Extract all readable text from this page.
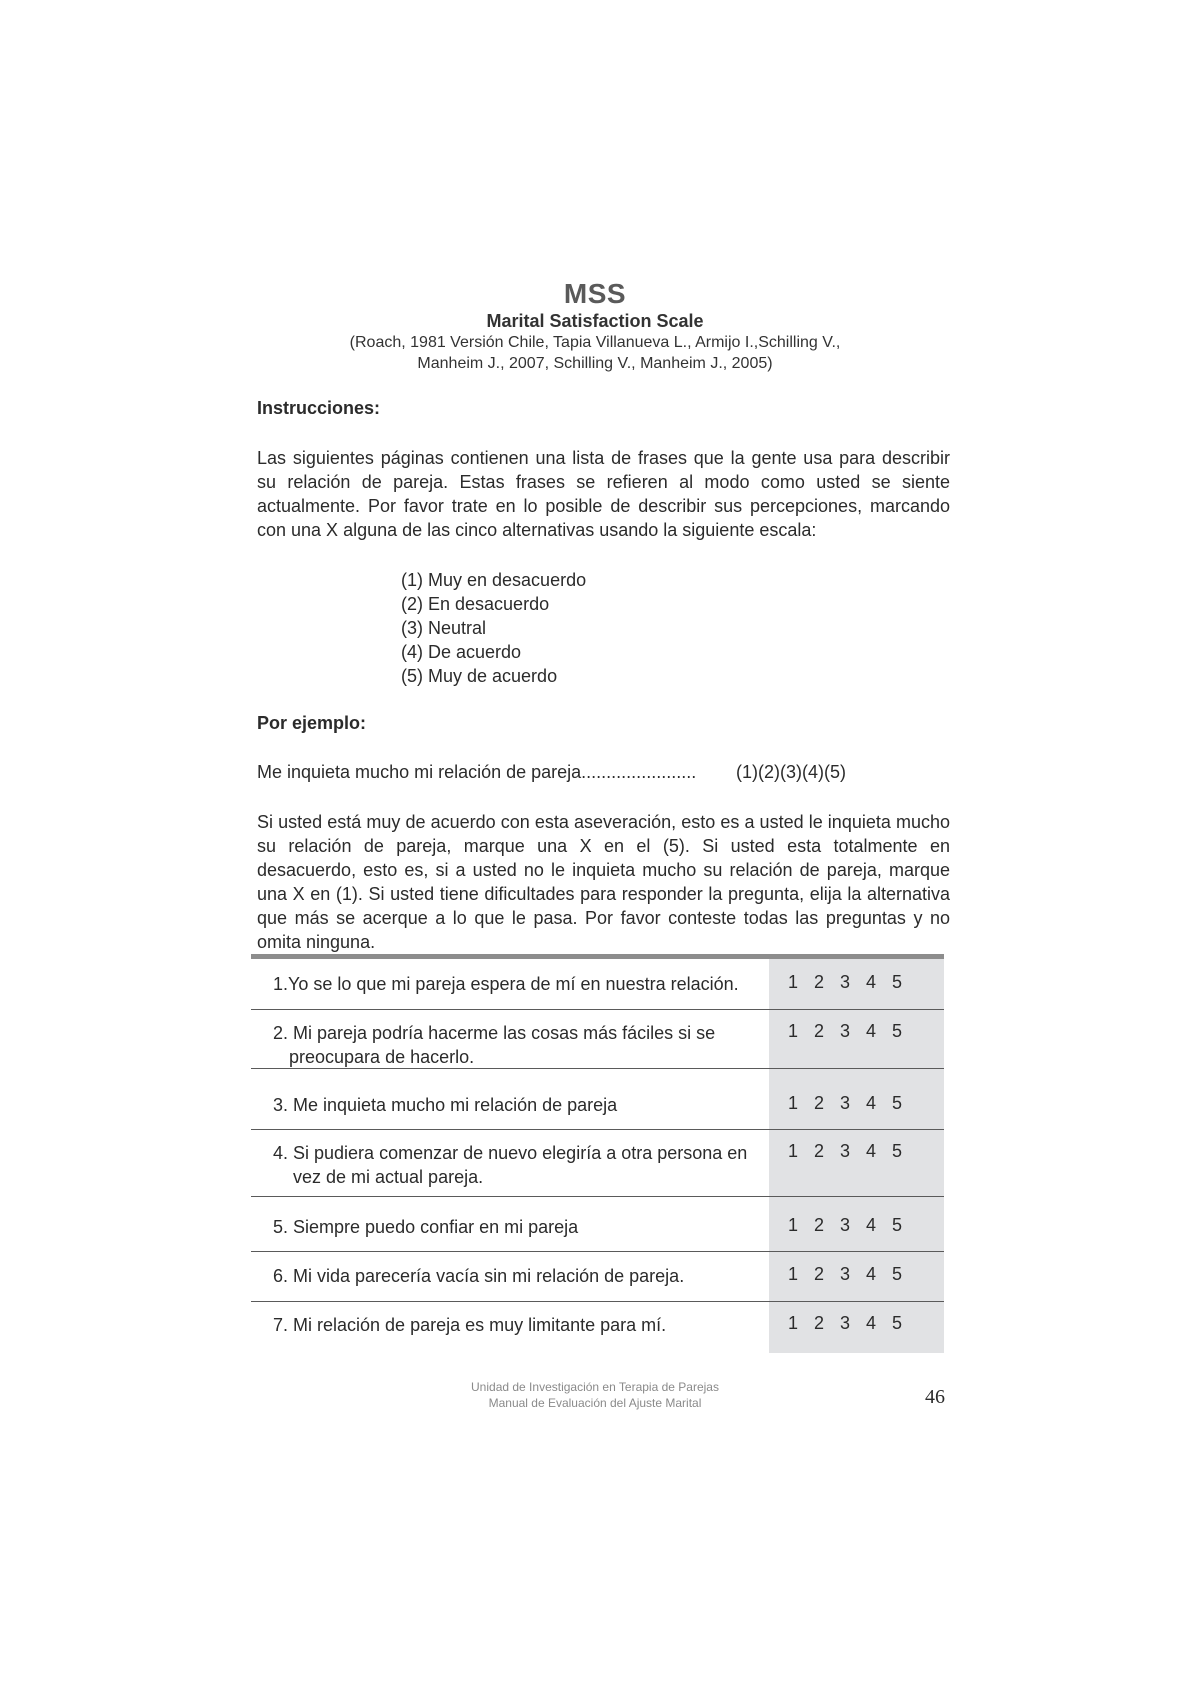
MSS
Marital Satisfaction Scale
(Roach, 1981 Versión Chile, Tapia Villanueva L., Armijo I.,Schilling V.,
Manheim J., 2007, Schilling V., Manheim J., 2005)
Instrucciones:
Las siguientes páginas contienen una lista de frases que la gente usa para describir su relación de pareja. Estas frases se refieren al modo como usted se siente actualmente. Por favor trate en lo posible de describir sus percepciones, marcando con una X alguna de las cinco alternativas usando la siguiente escala:
(1) Muy en desacuerdo
(2) En desacuerdo
(3) Neutral
(4) De acuerdo
(5) Muy de acuerdo
Por ejemplo:
Me inquieta mucho mi relación de pareja....................... (1)(2)(3)(4)(5)
Si usted está muy de acuerdo con esta aseveración, esto es a usted le inquieta mucho su relación de pareja, marque una X en el (5). Si usted esta totalmente en desacuerdo, esto es, si a usted no le inquieta mucho su relación de pareja, marque una X en (1). Si usted tiene dificultades para responder la pregunta, elija la alternativa que más se acerque a lo que le pasa. Por favor conteste todas las preguntas y no omita ninguna.
1.Yo se lo que mi pareja espera de mí en nuestra relación.	1 2 3 4 5
2. Mi pareja podría hacerme las cosas más fáciles si se
preocupara de hacerlo.
1 2 3 4 5
3. Me inquieta mucho mi relación de pareja	1 2 3 4 5
4. Si pudiera comenzar de nuevo elegiría a otra persona en
vez de mi actual pareja.
1 2 3 4 5
5. Siempre puedo confiar en mi pareja	1 2 3 4 5
6. Mi vida parecería vacía sin mi relación de pareja.	1 2 3 4 5
7. Mi relación de pareja es muy limitante para mí.	1 2 3 4 5
Unidad de Investigación en Terapia de Parejas
Manual de Evaluación del Ajuste Marital	46
